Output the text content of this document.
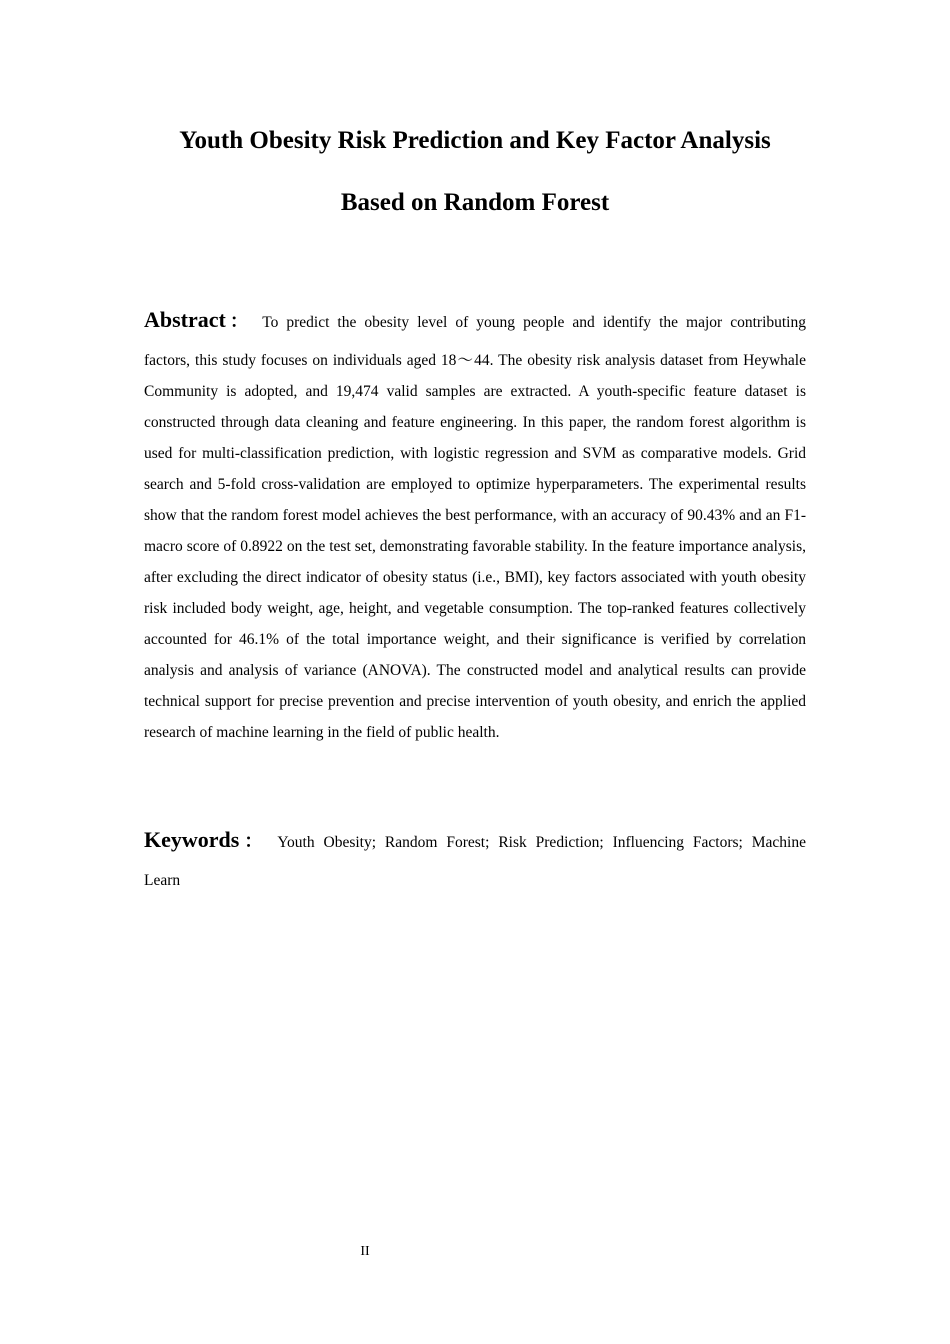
Youth Obesity Risk Prediction and Key Factor Analysis
Based on Random Forest
Abstract： To predict the obesity level of young people and identify the major contributing
factors, this study focuses on individuals aged 18～44. The obesity risk analysis dataset from Heywhale Community is adopted, and 19,474 valid samples are extracted. A youth-specific feature dataset is constructed through data cleaning and feature engineering. In this paper, the random forest algorithm is used for multi-classification prediction, with logistic regression and SVM as comparative models. Grid search and 5-fold cross-validation are employed to optimize hyperparameters. The experimental results show that the random forest model achieves the best performance, with an accuracy of 90.43% and an F1-macro score of 0.8922 on the test set, demonstrating favorable stability. In the feature importance analysis, after excluding the direct indicator of obesity status (i.e., BMI), key factors associated with youth obesity risk included body weight, age, height, and vegetable consumption. The top-ranked features collectively accounted for 46.1% of the total importance weight, and their significance is verified by correlation analysis and analysis of variance (ANOVA). The constructed model and analytical results can provide technical support for precise prevention and precise intervention of youth obesity, and enrich the applied research of machine learning in the field of public health.
Keywords： Youth Obesity; Random Forest; Risk Prediction; Influencing Factors; Machine
Learn
II
